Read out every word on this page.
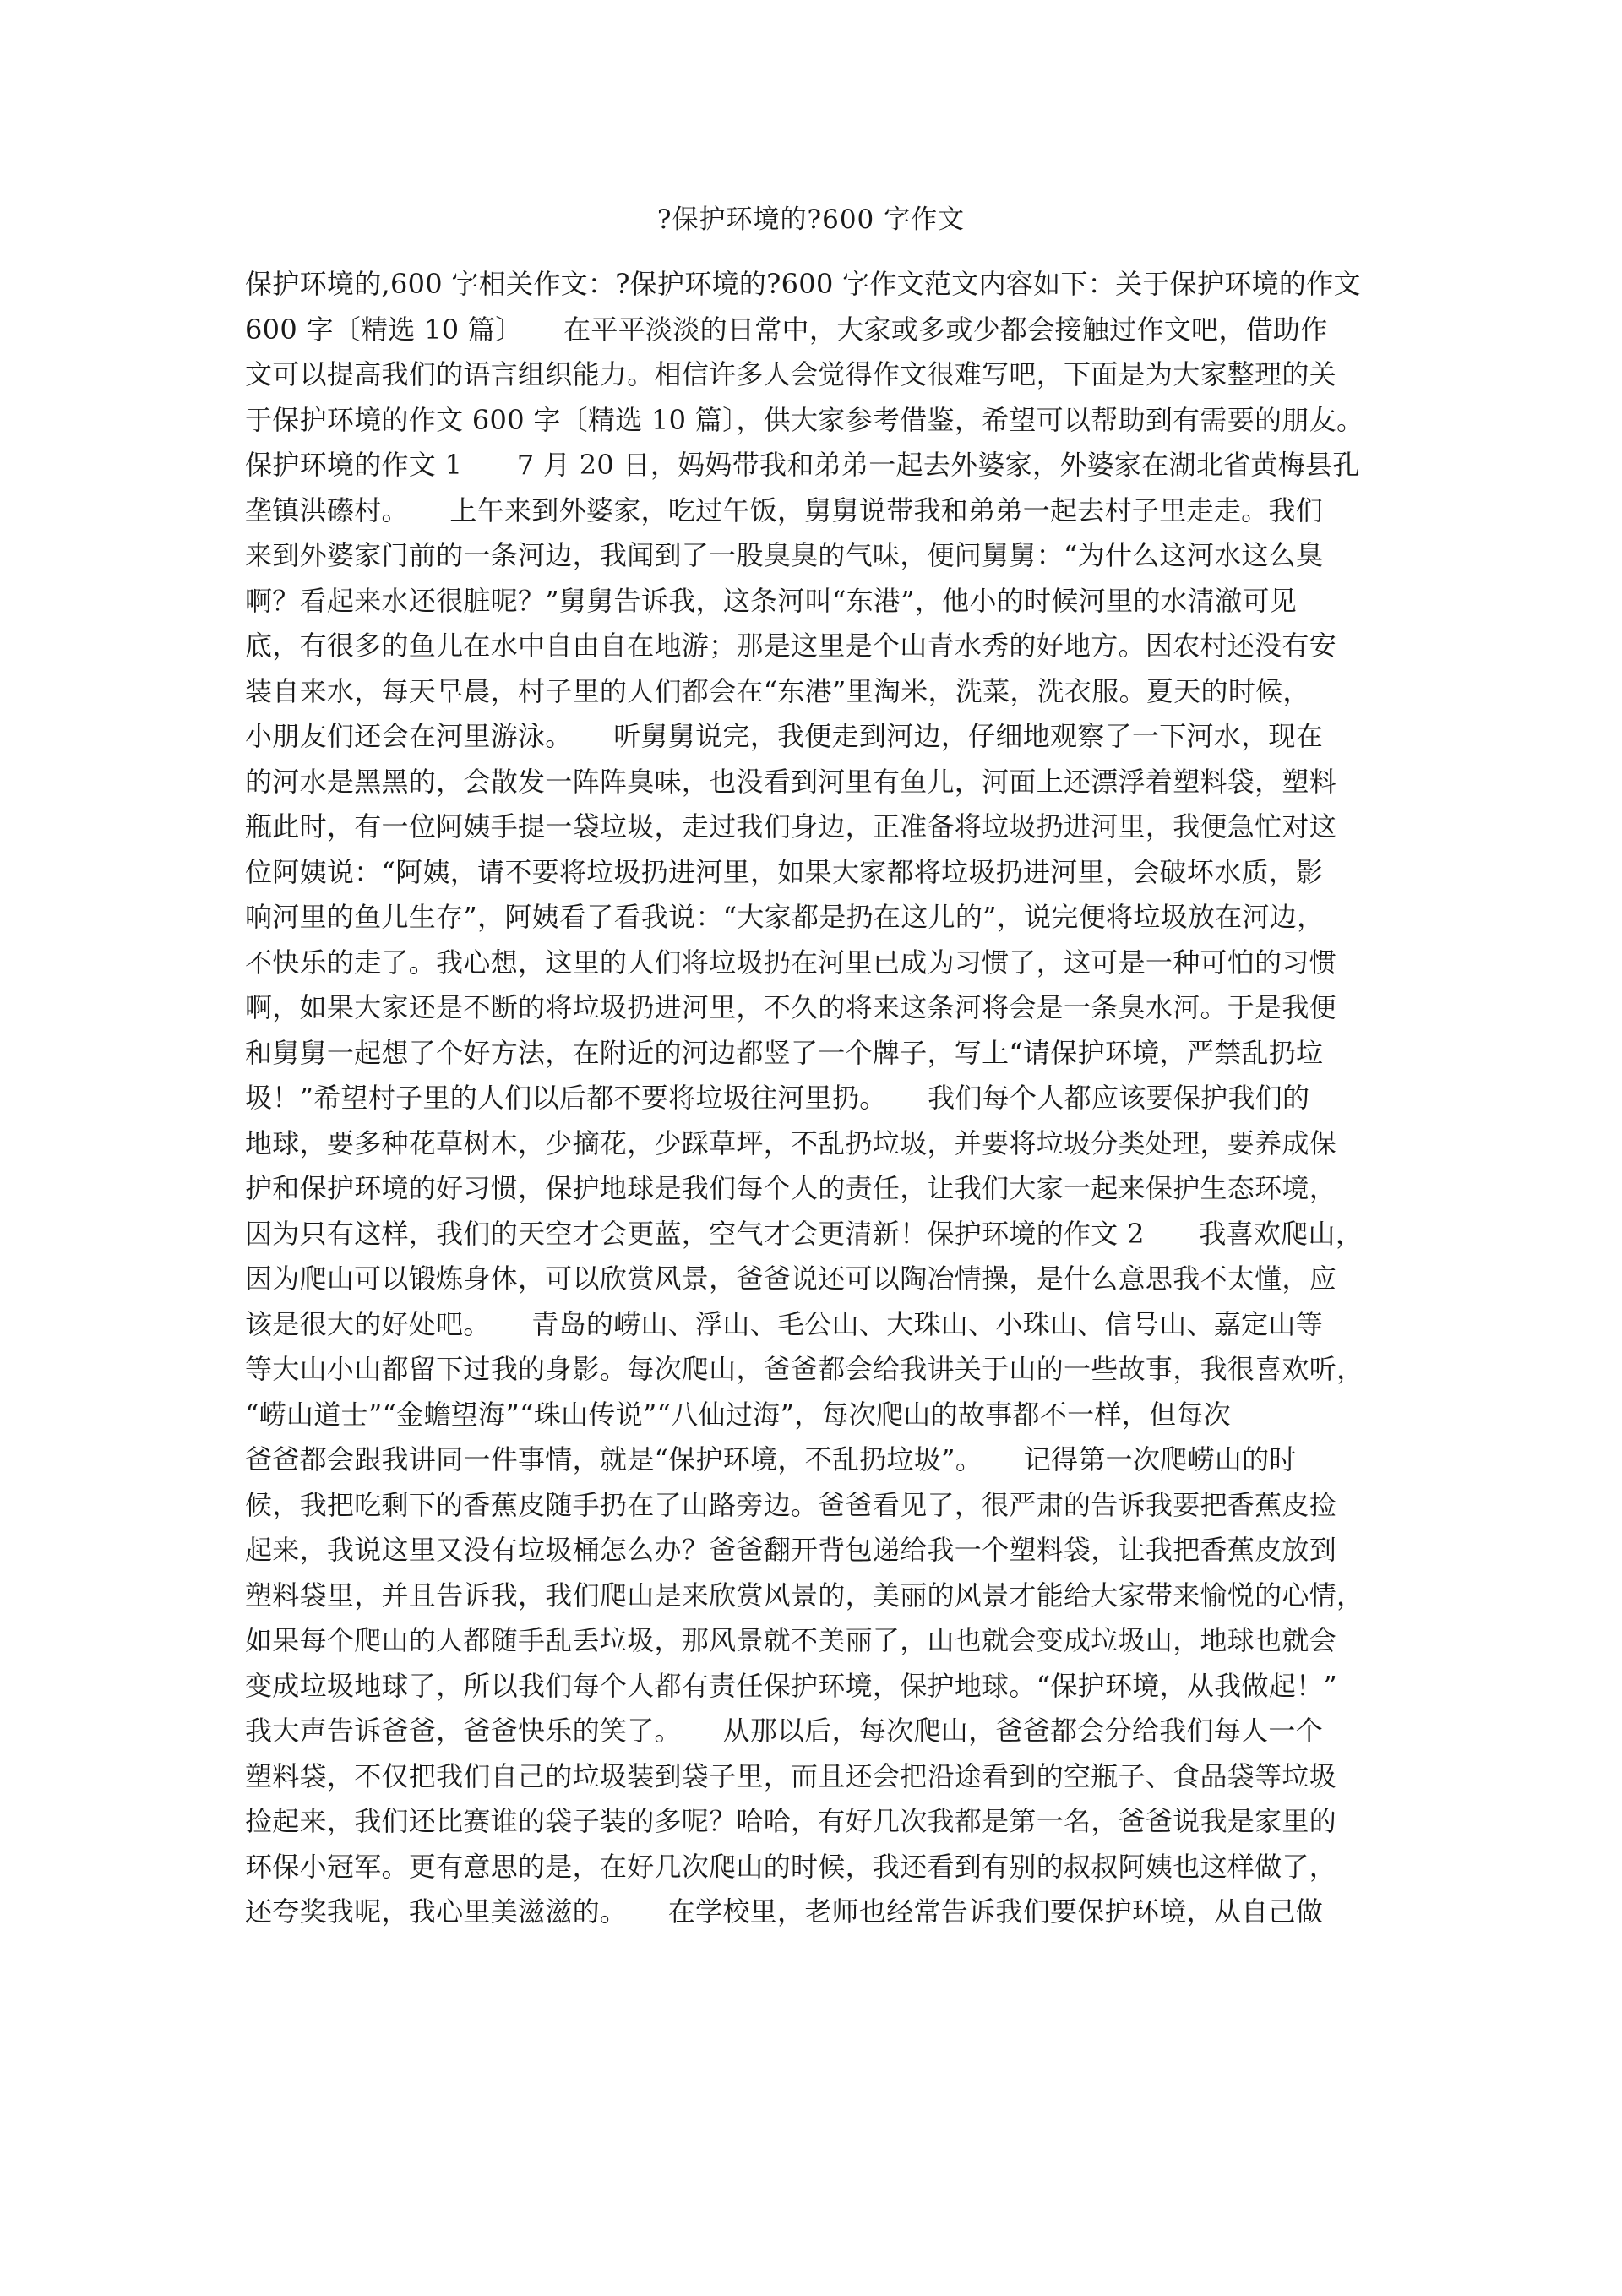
?保护环境的?600 字作文
保护环境的,600 字相关作文：?保护环境的?600 字作文范文内容如下：关于保护环境的作文
600 字〔精选 10 篇〕　　在平平淡淡的日常中，大家或多或少都会接触过作文吧，借助作
文可以提高我们的语言组织能力。相信许多人会觉得作文很难写吧，下面是为大家整理的关
于保护环境的作文 600 字〔精选 10 篇〕，供大家参考借鉴，希望可以帮助到有需要的朋友。
保护环境的作文 1　　7 月 20 日，妈妈带我和弟弟一起去外婆家，外婆家在湖北省黄梅县孔
垄镇洪礤村。　　上午来到外婆家，吃过午饭，舅舅说带我和弟弟一起去村子里走走。我们
来到外婆家门前的一条河边，我闻到了一股臭臭的气味，便问舅舅：“为什么这河水这么臭
啊？看起来水还很脏呢？”舅舅告诉我，这条河叫“东港”，他小的时候河里的水清澈可见
底，有很多的鱼儿在水中自由自在地游；那是这里是个山青水秀的好地方。因农村还没有安
装自来水，每天早晨，村子里的人们都会在“东港”里淘米，洗菜，洗衣服。夏天的时候，
小朋友们还会在河里游泳。　　听舅舅说完，我便走到河边，仔细地观察了一下河水，现在
的河水是黑黑的，会散发一阵阵臭味，也没看到河里有鱼儿，河面上还漂浮着塑料袋，塑料
瓶此时，有一位阿姨手提一袋垃圾，走过我们身边，正准备将垃圾扔进河里，我便急忙对这
位阿姨说：“阿姨，请不要将垃圾扔进河里，如果大家都将垃圾扔进河里，会破坏水质，影
响河里的鱼儿生存”，阿姨看了看我说：“大家都是扔在这儿的”，说完便将垃圾放在河边，
不快乐的走了。我心想，这里的人们将垃圾扔在河里已成为习惯了，这可是一种可怕的习惯
啊，如果大家还是不断的将垃圾扔进河里，不久的将来这条河将会是一条臭水河。于是我便
和舅舅一起想了个好方法，在附近的河边都竖了一个牌子，写上“请保护环境，严禁乱扔垃
圾！”希望村子里的人们以后都不要将垃圾往河里扔。　　我们每个人都应该要保护我们的
地球，要多种花草树木，少摘花，少踩草坪，不乱扔垃圾，并要将垃圾分类处理，要养成保
护和保护环境的好习惯，保护地球是我们每个人的责任，让我们大家一起来保护生态环境，
因为只有这样，我们的天空才会更蓝，空气才会更清新！保护环境的作文 2　　我喜欢爬山，
因为爬山可以锻炼身体，可以欣赏风景，爸爸说还可以陶冶情操，是什么意思我不太懂，应
该是很大的好处吧。　　青岛的崂山、浮山、毛公山、大珠山、小珠山、信号山、嘉定山等
等大山小山都留下过我的身影。每次爬山，爸爸都会给我讲关于山的一些故事，我很喜欢听，
“崂山道士”“金蟾望海”“珠山传说”“八仙过海”，每次爬山的故事都不一样，但每次
爸爸都会跟我讲同一件事情，就是“保护环境，不乱扔垃圾”。　　记得第一次爬崂山的时
候，我把吃剩下的香蕉皮随手扔在了山路旁边。爸爸看见了，很严肃的告诉我要把香蕉皮捡
起来，我说这里又没有垃圾桶怎么办？爸爸翻开背包递给我一个塑料袋，让我把香蕉皮放到
塑料袋里，并且告诉我，我们爬山是来欣赏风景的，美丽的风景才能给大家带来愉悦的心情，
如果每个爬山的人都随手乱丢垃圾，那风景就不美丽了，山也就会变成垃圾山，地球也就会
变成垃圾地球了，所以我们每个人都有责任保护环境，保护地球。“保护环境，从我做起！”
我大声告诉爸爸，爸爸快乐的笑了。　　从那以后，每次爬山，爸爸都会分给我们每人一个
塑料袋，不仅把我们自己的垃圾装到袋子里，而且还会把沿途看到的空瓶子、食品袋等垃圾
捡起来，我们还比赛谁的袋子装的多呢？哈哈，有好几次我都是第一名，爸爸说我是家里的
环保小冠军。更有意思的是，在好几次爬山的时候，我还看到有别的叔叔阿姨也这样做了，
还夸奖我呢，我心里美滋滋的。　　在学校里，老师也经常告诉我们要保护环境，从自己做
